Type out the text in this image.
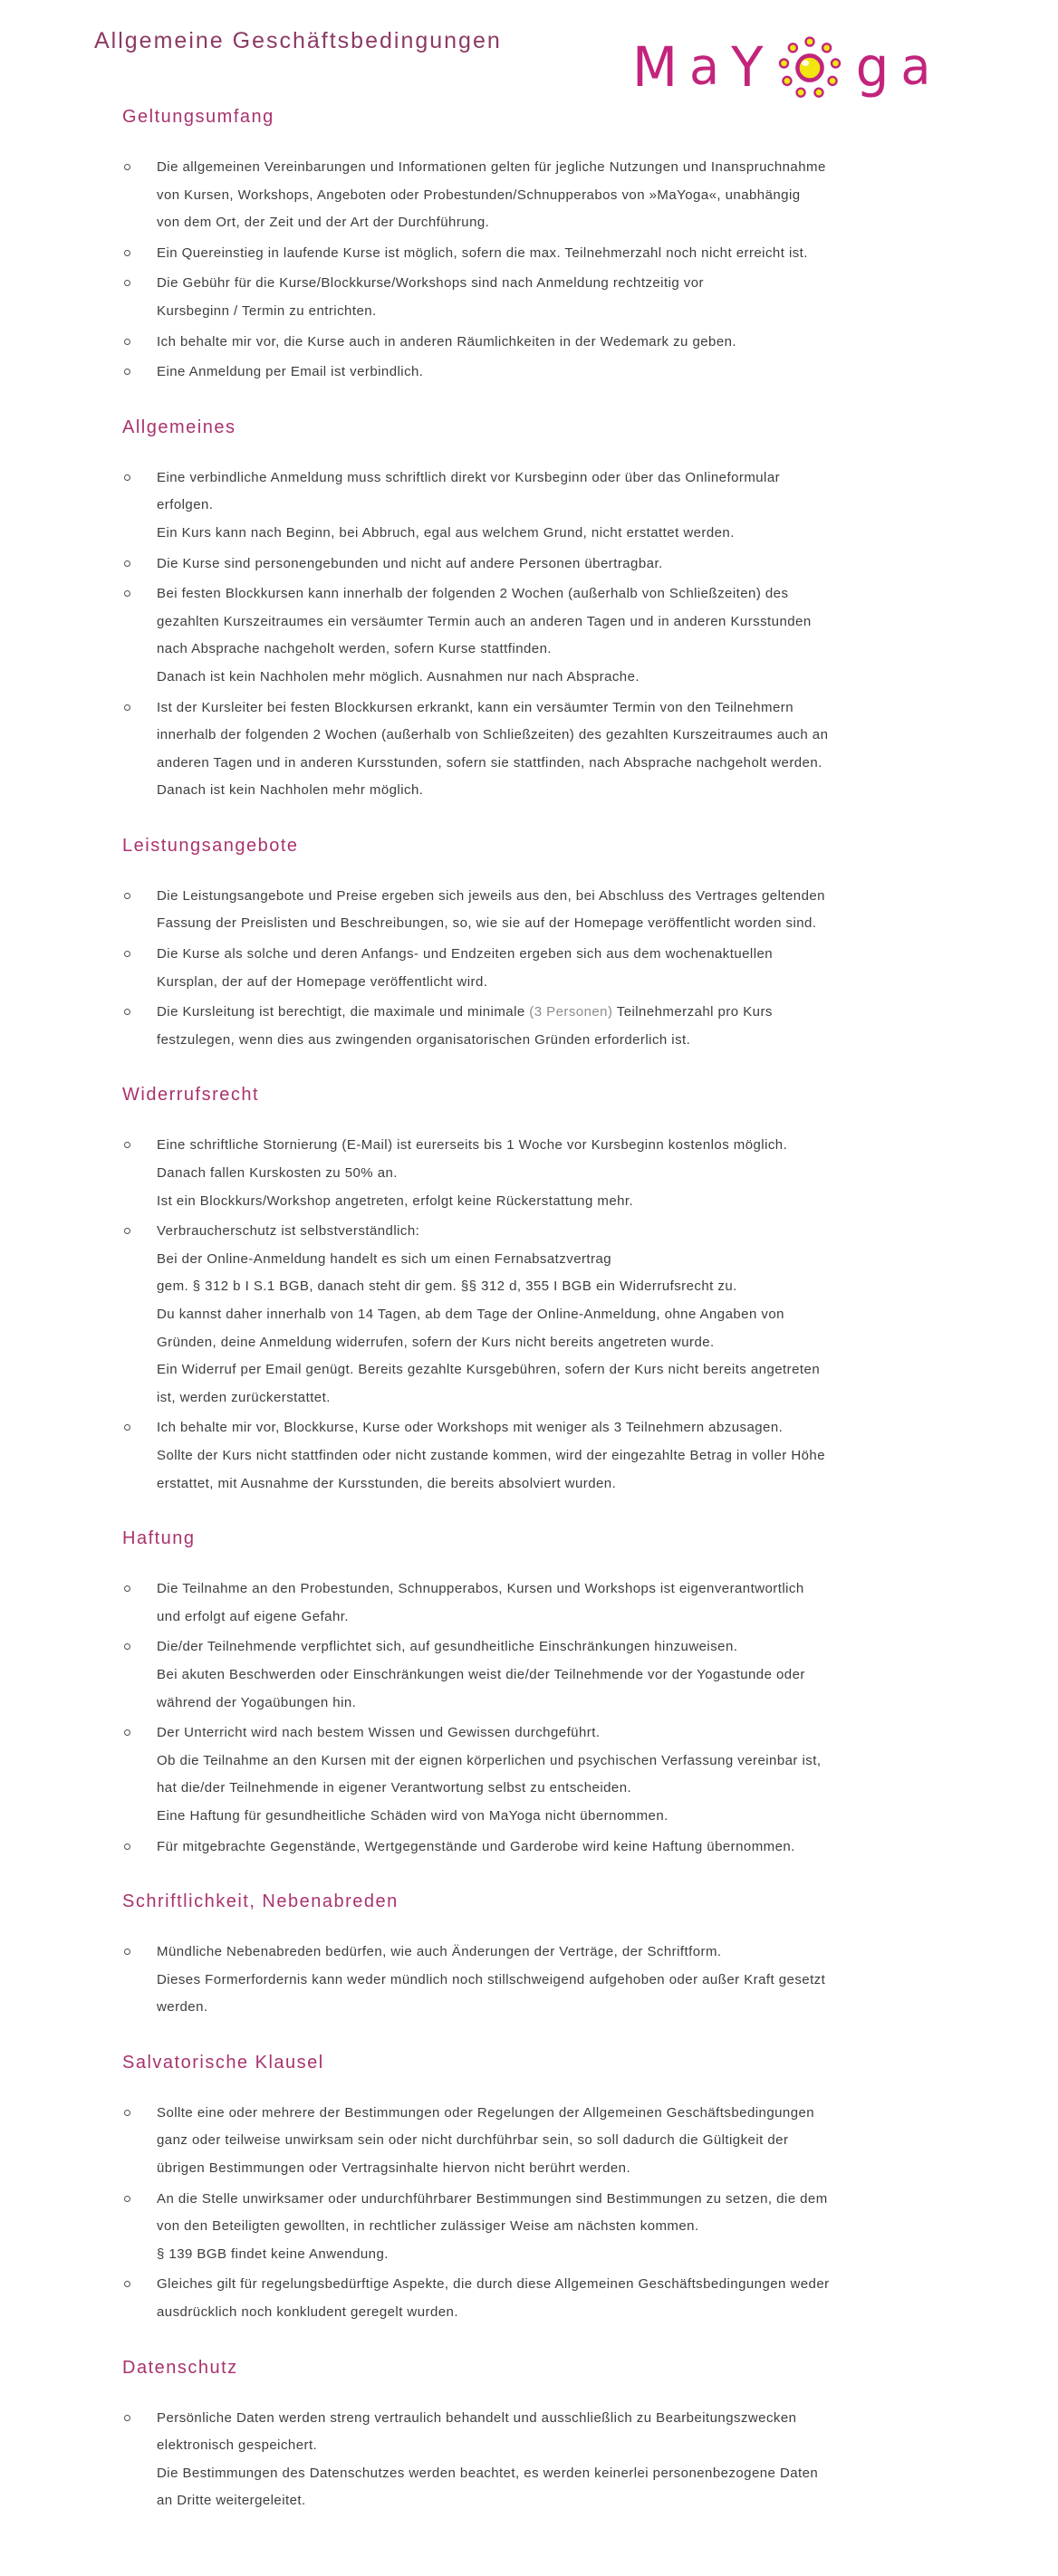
Allgemeine Geschäftsbedingungen	M a Y g a
Geltungsumfang
Die allgemeinen Vereinbarungen und Informationen gelten für jegliche Nutzungen und Inanspruchnahme
von Kursen, Workshops, Angeboten oder Probestunden/Schnupperabos von »MaYoga«, unabhängig
von dem Ort, der Zeit und der Art der Durchführung.
Ein Quereinstieg in laufende Kurse ist möglich, sofern die max. Teilnehmerzahl noch nicht erreicht ist.
Die Gebühr für die Kurse/Blockkurse/Workshops sind nach Anmeldung rechtzeitig vor
Kursbeginn / Termin zu entrichten.
Ich behalte mir vor, die Kurse auch in anderen Räumlichkeiten in der Wedemark zu geben.
Eine Anmeldung per Email ist verbindlich.
Allgemeines
Eine verbindliche Anmeldung muss schriftlich direkt vor Kursbeginn oder über das Onlineformular
erfolgen.
Ein Kurs kann nach Beginn, bei Abbruch, egal aus welchem Grund, nicht erstattet werden.
Die Kurse sind personengebunden und nicht auf andere Personen übertragbar.
Bei festen Blockkursen kann innerhalb der folgenden 2 Wochen (außerhalb von Schließzeiten) des
gezahlten Kurszeitraumes ein versäumter Termin auch an anderen Tagen und in anderen Kursstunden
nach Absprache nachgeholt werden, sofern Kurse stattfinden.
Danach ist kein Nachholen mehr möglich. Ausnahmen nur nach Absprache.
Ist der Kursleiter bei festen Blockkursen erkrankt, kann ein versäumter Termin von den Teilnehmern
innerhalb der folgenden 2 Wochen (außerhalb von Schließzeiten) des gezahlten Kurszeitraumes auch an
anderen Tagen und in anderen Kursstunden, sofern sie stattfinden, nach Absprache nachgeholt werden.
Danach ist kein Nachholen mehr möglich.
Leistungsangebote
Die Leistungsangebote und Preise ergeben sich jeweils aus den, bei Abschluss des Vertrages geltenden
Fassung der Preislisten und Beschreibungen, so, wie sie auf der Homepage veröffentlicht worden sind.
Die Kurse als solche und deren Anfangs- und Endzeiten ergeben sich aus dem wochenaktuellen
Kursplan, der auf der Homepage veröffentlicht wird.
Die Kursleitung ist berechtigt, die maximale und minimale (3 Personen) Teilnehmerzahl pro Kurs
festzulegen, wenn dies aus zwingenden organisatorischen Gründen erforderlich ist.
Widerrufsrecht
Eine schriftliche Stornierung (E-Mail) ist eurerseits bis 1 Woche vor Kursbeginn kostenlos möglich.
Danach fallen Kurskosten zu 50% an.
Ist ein Blockkurs/Workshop angetreten, erfolgt keine Rückerstattung mehr.
Verbraucherschutz ist selbstverständlich:
Bei der Online-Anmeldung handelt es sich um einen Fernabsatzvertrag
gem. § 312 b I S.1 BGB, danach steht dir gem. §§ 312 d, 355 I BGB ein Widerrufsrecht zu.
Du kannst daher innerhalb von 14 Tagen, ab dem Tage der Online-Anmeldung, ohne Angaben von
Gründen, deine Anmeldung widerrufen, sofern der Kurs nicht bereits angetreten wurde.
Ein Widerruf per Email genügt. Bereits gezahlte Kursgebühren, sofern der Kurs nicht bereits angetreten
ist, werden zurückerstattet.
Ich behalte mir vor, Blockkurse, Kurse oder Workshops mit weniger als 3 Teilnehmern abzusagen.
Sollte der Kurs nicht stattfinden oder nicht zustande kommen, wird der eingezahlte Betrag in voller Höhe
erstattet, mit Ausnahme der Kursstunden, die bereits absolviert wurden.
Haftung
Die Teilnahme an den Probestunden, Schnupperabos, Kursen und Workshops ist eigenverantwortlich
und erfolgt auf eigene Gefahr.
Die/der Teilnehmende verpflichtet sich, auf gesundheitliche Einschränkungen hinzuweisen.
Bei akuten Beschwerden oder Einschränkungen weist die/der Teilnehmende vor der Yogastunde oder
während der Yogaübungen hin.
Der Unterricht wird nach bestem Wissen und Gewissen durchgeführt.
Ob die Teilnahme an den Kursen mit der eignen körperlichen und psychischen Verfassung vereinbar ist,
hat die/der Teilnehmende in eigener Verantwortung selbst zu entscheiden.
Eine Haftung für gesundheitliche Schäden wird von MaYoga nicht übernommen.
Für mitgebrachte Gegenstände, Wertgegenstände und Garderobe wird keine Haftung übernommen.
Schriftlichkeit, Nebenabreden
Mündliche Nebenabreden bedürfen, wie auch Änderungen der Verträge, der Schriftform.
Dieses Formerfordernis kann weder mündlich noch stillschweigend aufgehoben oder außer Kraft gesetzt
werden.
Salvatorische Klausel
Sollte eine oder mehrere der Bestimmungen oder Regelungen der Allgemeinen Geschäftsbedingungen
ganz oder teilweise unwirksam sein oder nicht durchführbar sein, so soll dadurch die Gültigkeit der
übrigen Bestimmungen oder Vertragsinhalte hiervon nicht berührt werden.
An die Stelle unwirksamer oder undurchführbarer Bestimmungen sind Bestimmungen zu setzen, die dem
von den Beteiligten gewollten, in rechtlicher zulässiger Weise am nächsten kommen.
§ 139 BGB findet keine Anwendung.
Gleiches gilt für regelungsbedürftige Aspekte, die durch diese Allgemeinen Geschäftsbedingungen weder
ausdrücklich noch konkludent geregelt wurden.
Datenschutz
Persönliche Daten werden streng vertraulich behandelt und ausschließlich zu Bearbeitungszwecken
elektronisch gespeichert.
Die Bestimmungen des Datenschutzes werden beachtet, es werden keinerlei personenbezogene Daten
an Dritte weitergeleitet.
